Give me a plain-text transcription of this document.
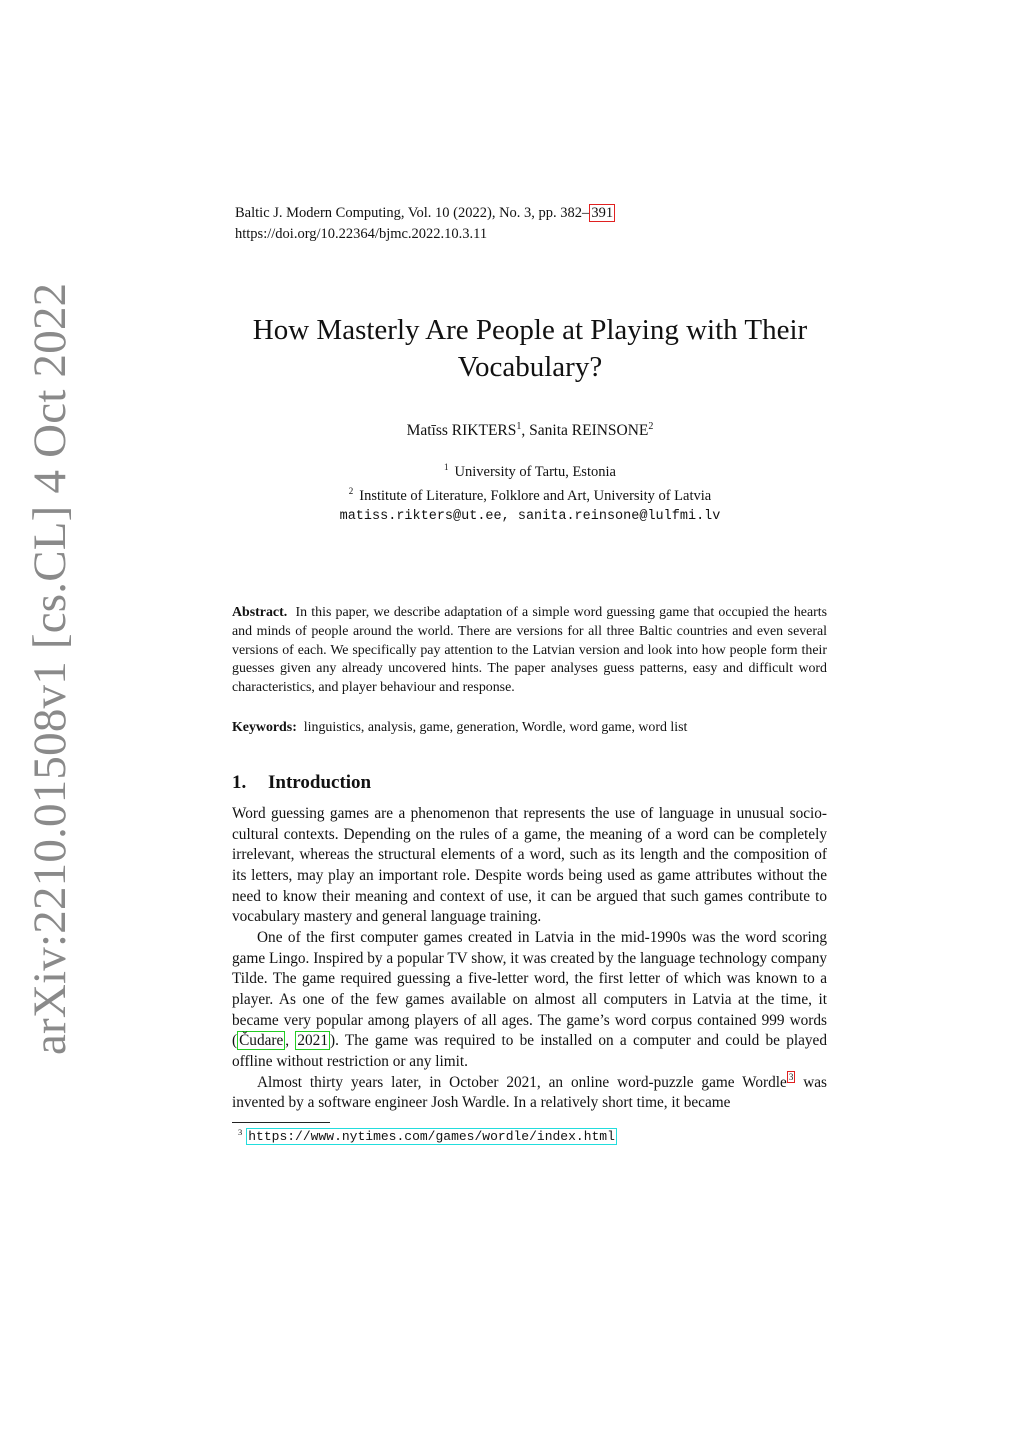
arXiv:2210.01508v1 [cs.CL] 4 Oct 2022
Baltic J. Modern Computing, Vol. 10 (2022), No. 3, pp. 382– 391
https://doi.org/10.22364/bjmc.2022.10.3.11
How Masterly Are People at Playing with Their
Vocabulary?
Matīss RIKTERS$^1$, Sanita REINSONE$^2$
$^1$ University of Tartu, Estonia
$^2$ Institute of Literature, Folklore and Art, University of Latvia
matiss.rikters@ut.ee, sanita.reinsone@lulfmi.lv
Abstract. In this paper, we describe adaptation of a simple word guessing game that occupied the hearts and minds of people around the world. There are versions for all three Baltic countries and even several versions of each. We specifically pay attention to the Latvian version and look into how people form their guesses given any already uncovered hints. The paper analyses guess patterns, easy and difficult word characteristics, and player behaviour and response.
Keywords: linguistics, analysis, game, generation, Wordle, word game, word list
1. Introduction

Word guessing games are a phenomenon that represents the use of language in unusual socio-cultural contexts. Depending on the rules of a game, the meaning of a word can be completely irrelevant, whereas the structural elements of a word, such as its length and the composition of its letters, may play an important role. Despite words being used as game attributes without the need to know their meaning and context of use, it can be argued that such games contribute to vocabulary mastery and general language training.

One of the first computer games created in Latvia in the mid-1990s was the word scoring game Lingo. Inspired by a popular TV show, it was created by the language technology company Tilde. The game required guessing a five-letter word, the first letter of which was known to a player. As one of the few games available on almost all computers in Latvia at the time, it became very popular among players of all ages. The game’s word corpus contained 999 words ( Čudare , 2021 ). The game was required to be installed on a computer and could be played offline without restriction or any limit.

Almost thirty years later, in October 2021, an online word-puzzle game Wordle $^3$ was invented by a software engineer Josh Wardle. In a relatively short time, it became

$^3$ https://www.nytimes.com/games/wordle/index.html
